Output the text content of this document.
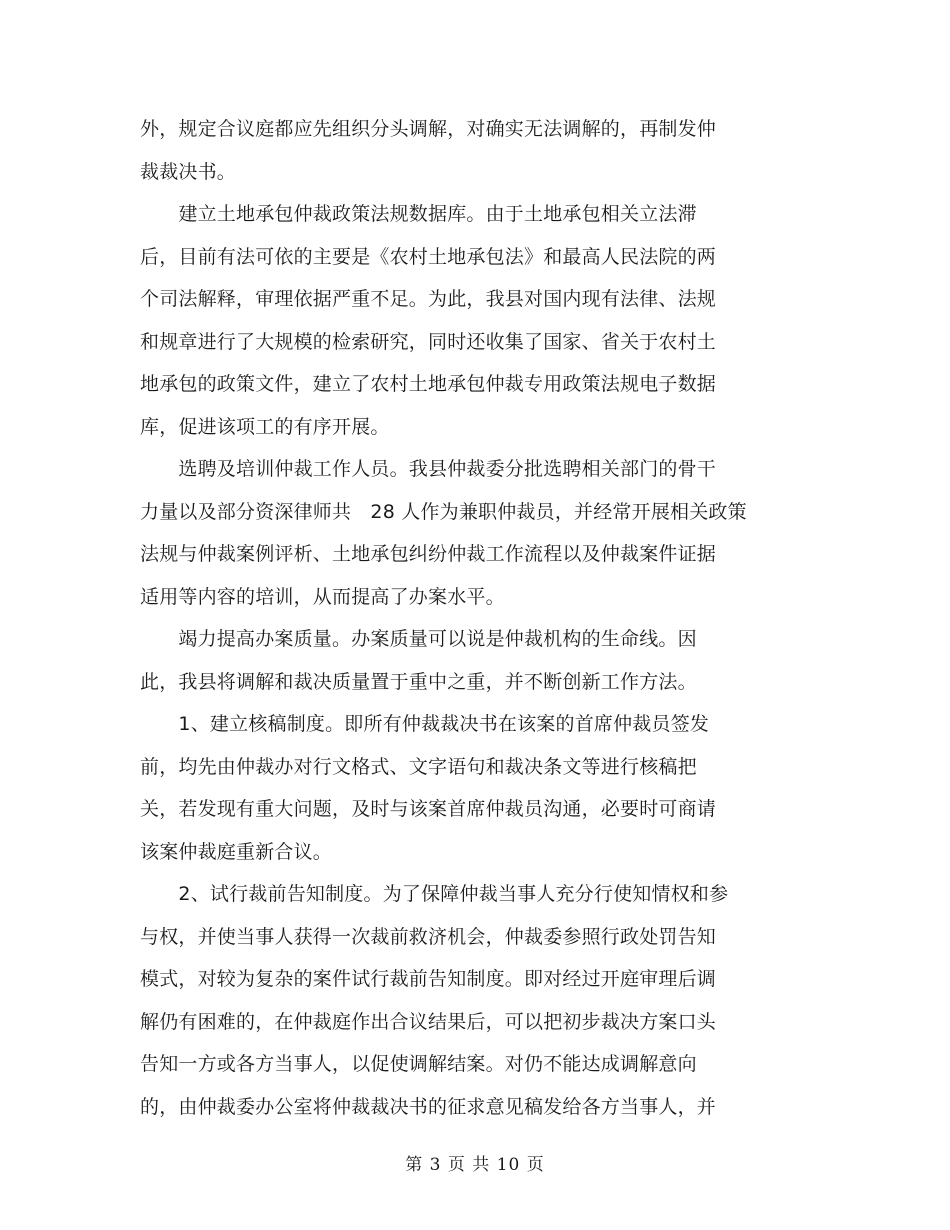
外，规定合议庭都应先组织分头调解，对确实无法调解的，再制发仲
裁裁决书。
　　建立土地承包仲裁政策法规数据库。由于土地承包相关立法滞
后，目前有法可依的主要是《农村土地承包法》和最高人民法院的两
个司法解释，审理依据严重不足。为此，我县对国内现有法律、法规
和规章进行了大规模的检索研究，同时还收集了国家、省关于农村土
地承包的政策文件，建立了农村土地承包仲裁专用政策法规电子数据
库，促进该项工的有序开展。
　　选聘及培训仲裁工作人员。我县仲裁委分批选聘相关部门的骨干
力量以及部分资深律师共　28 人作为兼职仲裁员，并经常开展相关政策
法规与仲裁案例评析、土地承包纠纷仲裁工作流程以及仲裁案件证据
适用等内容的培训，从而提高了办案水平。
　　竭力提高办案质量。办案质量可以说是仲裁机构的生命线。因
此，我县将调解和裁决质量置于重中之重，并不断创新工作方法。
　　1、建立核稿制度。即所有仲裁裁决书在该案的首席仲裁员签发
前，均先由仲裁办对行文格式、文字语句和裁决条文等进行核稿把
关，若发现有重大问题，及时与该案首席仲裁员沟通，必要时可商请
该案仲裁庭重新合议。
　　2、试行裁前告知制度。为了保障仲裁当事人充分行使知情权和参
与权，并使当事人获得一次裁前救济机会，仲裁委参照行政处罚告知
模式，对较为复杂的案件试行裁前告知制度。即对经过开庭审理后调
解仍有困难的，在仲裁庭作出合议结果后，可以把初步裁决方案口头
告知一方或各方当事人，以促使调解结案。对仍不能达成调解意向
的，由仲裁委办公室将仲裁裁决书的征求意见稿发给各方当事人，并
第 3 页 共 10 页
